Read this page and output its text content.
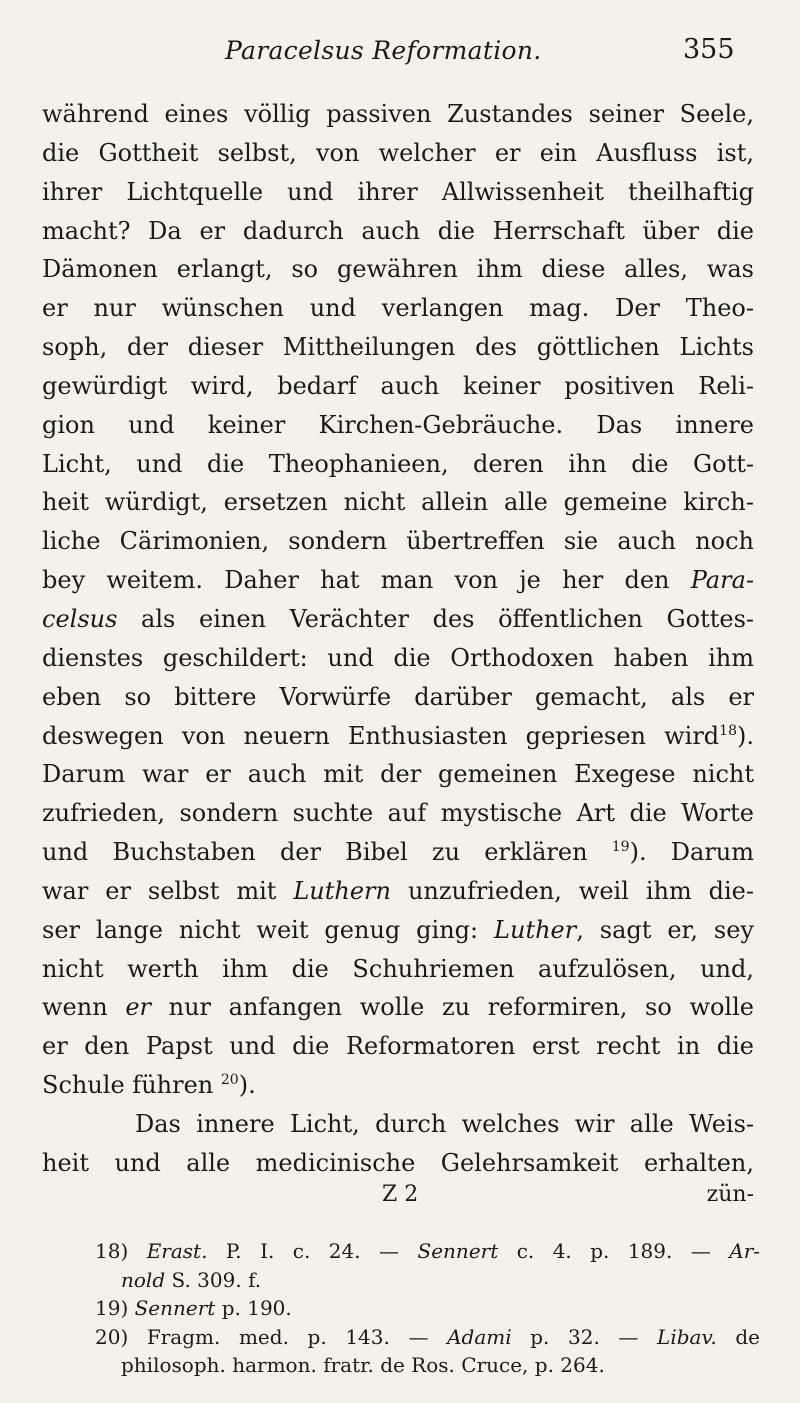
Paracelsus Reformation.	355
während eines völlig passiven Zustandes seiner Seele,
die Gottheit selbst, von welcher er ein Ausfluss ist,
ihrer Lichtquelle und ihrer Allwissenheit theilhaftig
macht? Da er dadurch auch die Herrschaft über die
Dämonen erlangt, so gewähren ihm diese alles, was
er nur wünschen und verlangen mag. Der Theo-
soph, der dieser Mittheilungen des göttlichen Lichts
gewürdigt wird, bedarf auch keiner positiven Reli-
gion und keiner Kirchen-Gebräuche. Das innere
Licht, und die Theophanieen, deren ihn die Gott-
heit würdigt, ersetzen nicht allein alle gemeine kirch-
liche Cärimonien, sondern übertreffen sie auch noch
bey weitem. Daher hat man von je her den Para-
celsus als einen Verächter des öffentlichen Gottes-
dienstes geschildert: und die Orthodoxen haben ihm
eben so bittere Vorwürfe darüber gemacht, als er
deswegen von neuern Enthusiasten gepriesen wird$^{18}$).
Darum war er auch mit der gemeinen Exegese nicht
zufrieden, sondern suchte auf mystische Art die Worte
und Buchstaben der Bibel zu erklären $^{19}$). Darum
war er selbst mit Luthern unzufrieden, weil ihm die-
ser lange nicht weit genug ging: Luther, sagt er, sey
nicht werth ihm die Schuhriemen aufzulösen, und,
wenn er nur anfangen wolle zu reformiren, so wolle
er den Papst und die Reformatoren erst recht in die
Schule führen $^{20}$).
Das innere Licht, durch welches wir alle Weis-
heit und alle medicinische Gelehrsamkeit erhalten,
Z 2	zün-
18) Erast. P. I. c. 24. — Sennert c. 4. p. 189. — Ar-
nold S. 309. f.
19) Sennert p. 190.
20) Fragm. med. p. 143. — Adami p. 32. — Libav. de
philosoph. harmon. fratr. de Ros. Cruce, p. 264.
